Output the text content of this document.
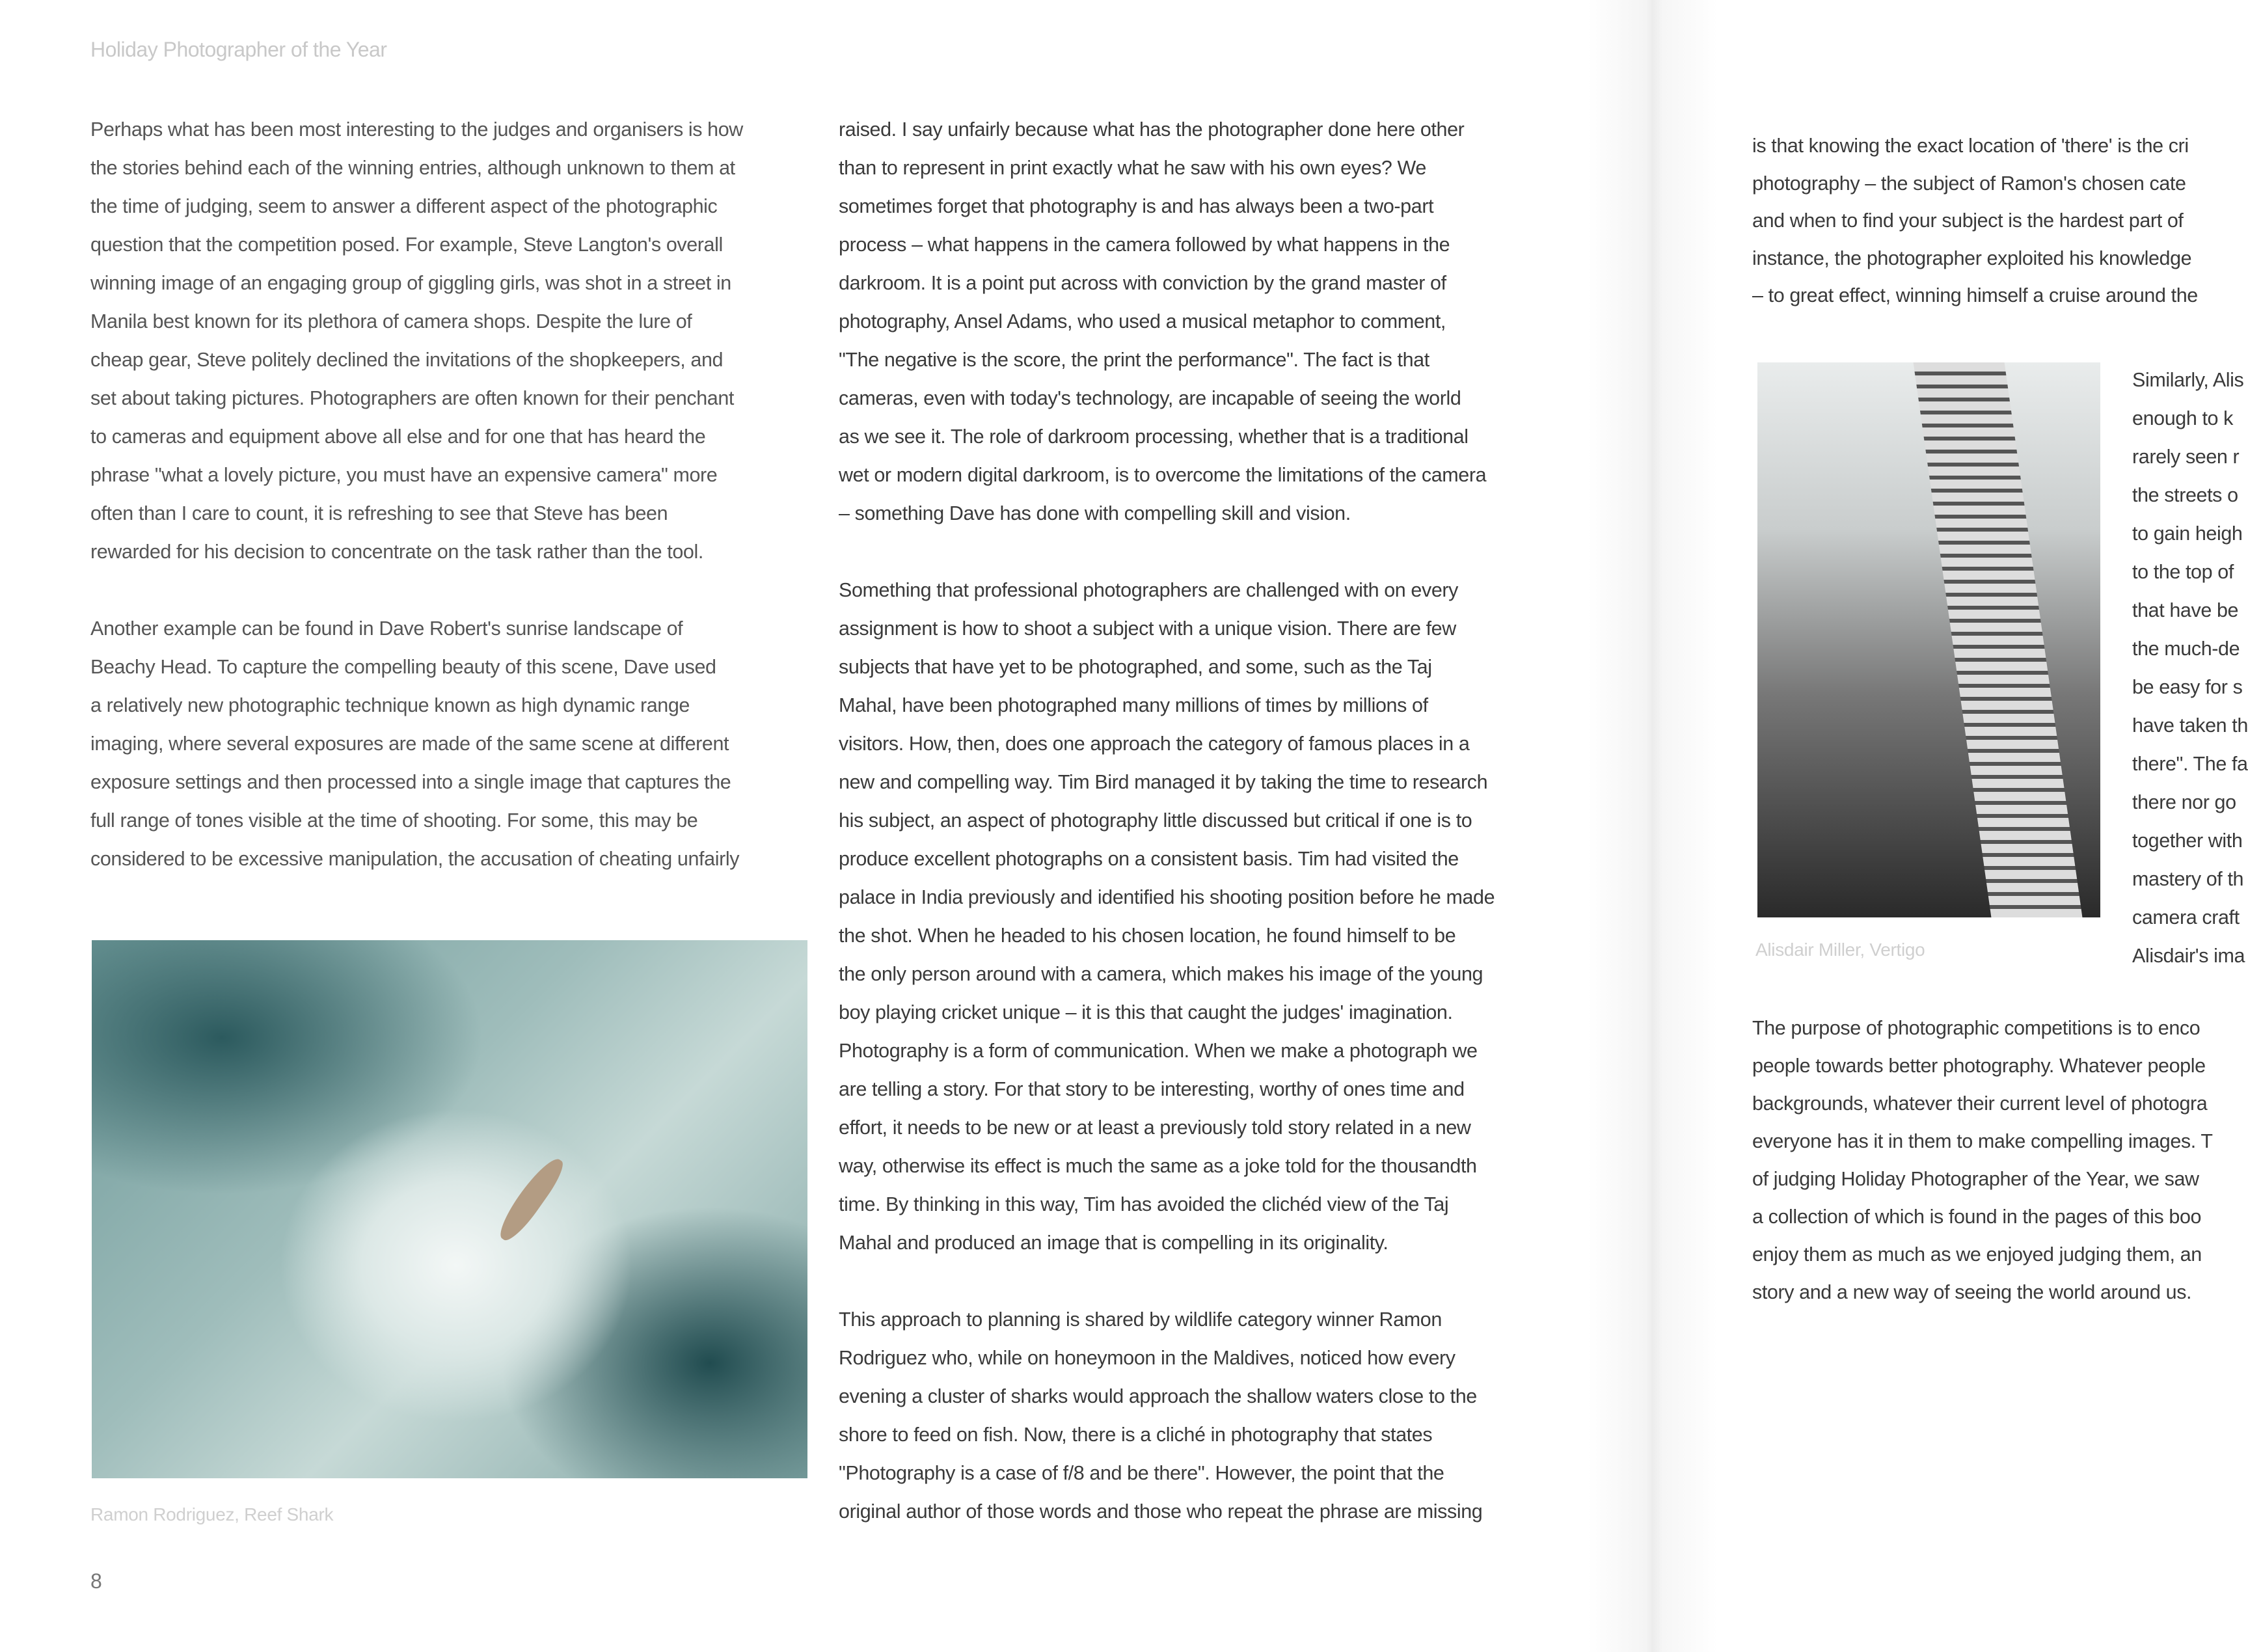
Holiday Photographer of the Year
Perhaps what has been most interesting to the judges and organisers is how
the stories behind each of the winning entries, although unknown to them at
the time of judging, seem to answer a different aspect of the photographic
question that the competition posed. For example, Steve Langton's overall
winning image of an engaging group of giggling girls, was shot in a street in
Manila best known for its plethora of camera shops. Despite the lure of
cheap gear, Steve politely declined the invitations of the shopkeepers, and
set about taking pictures. Photographers are often known for their penchant
to cameras and equipment above all else and for one that has heard the
phrase "what a lovely picture, you must have an expensive camera" more
often than I care to count, it is refreshing to see that Steve has been
rewarded for his decision to concentrate on the task rather than the tool.
Another example can be found in Dave Robert's sunrise landscape of
Beachy Head. To capture the compelling beauty of this scene, Dave used
a relatively new photographic technique known as high dynamic range
imaging, where several exposures are made of the same scene at different
exposure settings and then processed into a single image that captures the
full range of tones visible at the time of shooting. For some, this may be
considered to be excessive manipulation, the accusation of cheating unfairly
raised. I say unfairly because what has the photographer done here other
than to represent in print exactly what he saw with his own eyes? We
sometimes forget that photography is and has always been a two-part
process – what happens in the camera followed by what happens in the
darkroom. It is a point put across with conviction by the grand master of
photography, Ansel Adams, who used a musical metaphor to comment,
"The negative is the score, the print the performance". The fact is that
cameras, even with today's technology, are incapable of seeing the world
as we see it. The role of darkroom processing, whether that is a traditional
wet or modern digital darkroom, is to overcome the limitations of the camera
– something Dave has done with compelling skill and vision.
Something that professional photographers are challenged with on every
assignment is how to shoot a subject with a unique vision. There are few
subjects that have yet to be photographed, and some, such as the Taj
Mahal, have been photographed many millions of times by millions of
visitors. How, then, does one approach the category of famous places in a
new and compelling way. Tim Bird managed it by taking the time to research
his subject, an aspect of photography little discussed but critical if one is to
produce excellent photographs on a consistent basis. Tim had visited the
palace in India previously and identified his shooting position before he made
the shot. When he headed to his chosen location, he found himself to be
the only person around with a camera, which makes his image of the young
boy playing cricket unique – it is this that caught the judges' imagination.
Photography is a form of communication. When we make a photograph we
are telling a story. For that story to be interesting, worthy of ones time and
effort, it needs to be new or at least a previously told story related in a new
way, otherwise its effect is much the same as a joke told for the thousandth
time. By thinking in this way, Tim has avoided the clichéd view of the Taj
Mahal and produced an image that is compelling in its originality.
This approach to planning is shared by wildlife category winner Ramon
Rodriguez who, while on honeymoon in the Maldives, noticed how every
evening a cluster of sharks would approach the shallow waters close to the
shore to feed on fish. Now, there is a cliché in photography that states
"Photography is a case of f/8 and be there". However, the point that the
original author of those words and those who repeat the phrase are missing
Ramon Rodriguez, Reef Shark
8
is that knowing the exact location of 'there' is the cri
photography – the subject of Ramon's chosen cate
and when to find your subject is the hardest part of
instance, the photographer exploited his knowledge
– to great effect, winning himself a cruise around the
Alisdair Miller, Vertigo
Similarly, Alis
enough to k
rarely seen r
the streets o
to gain heigh
to the top of
that have be
the much-de
be easy for s
have taken th
there". The fa
there nor go
together with
mastery of th
camera craft
Alisdair's ima
The purpose of photographic competitions is to enco
people towards better photography. Whatever people
backgrounds, whatever their current level of photogra
everyone has it in them to make compelling images. T
of judging Holiday Photographer of the Year, we saw
a collection of which is found in the pages of this boo
enjoy them as much as we enjoyed judging them, an
story and a new way of seeing the world around us.
